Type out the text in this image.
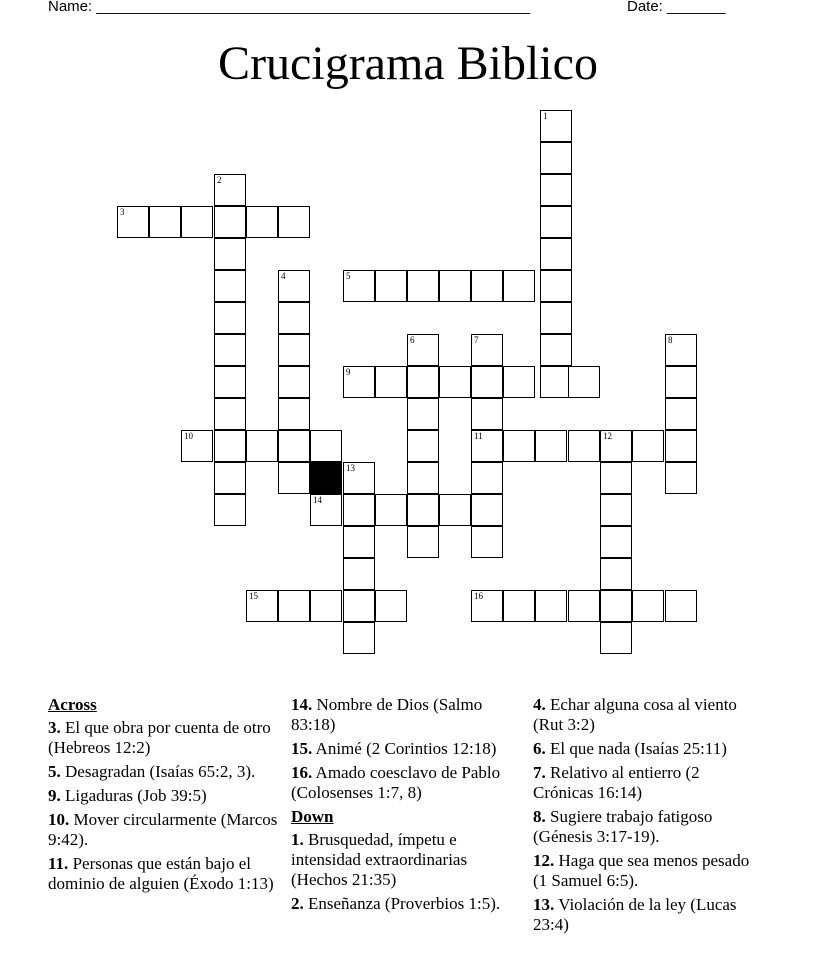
Name: ____________________________________________________	Date: _______
Crucigrama Biblico
1
2
3
4	5
6	7	8
9
10	11	12
13
14
15	16
Across
3. El que obra por cuenta de otro (Hebreos 12:2)
5. Desagradan (Isaías 65:2, 3).
9. Ligaduras (Job 39:5)
10. Mover circularmente (Marcos 9:42).
11. Personas que están bajo el dominio de alguien (Éxodo 1:13)
14. Nombre de Dios (Salmo 83:18)
15. Animé (2 Corintios 12:18)
16. Amado coesclavo de Pablo (Colosenses 1:7, 8)
Down
1. Brusquedad, ímpetu e intensidad extraordinarias (Hechos 21:35)
2. Enseñanza (Proverbios 1:5).
4. Echar alguna cosa al viento (Rut 3:2)
6. El que nada (Isaías 25:11)
7. Relativo al entierro (2 Crónicas 16:14)
8. Sugiere trabajo fatigoso (Génesis 3:17-19).
12. Haga que sea menos pesado (1 Samuel 6:5).
13. Violación de la ley (Lucas 23:4)
